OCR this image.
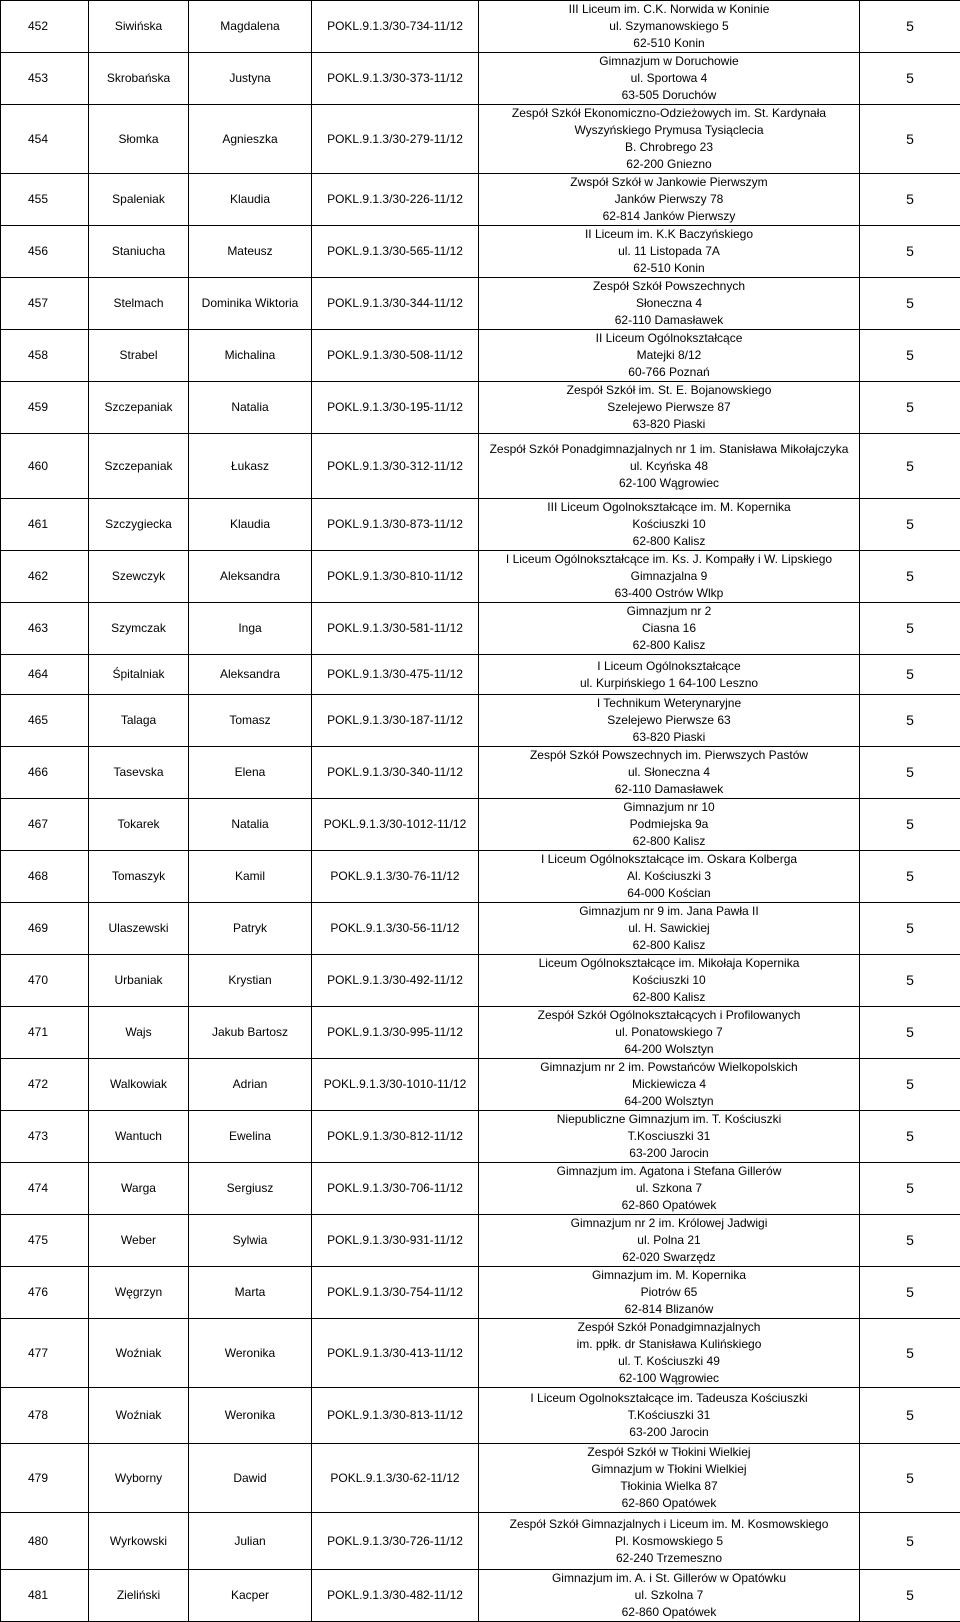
452	Siwińska	Magdalena	POKL.9.1.3/30-734-11/12	III Liceum im. C.K. Norwida w Koninie
ul. Szymanowskiego 5
62-510 Konin	5
453	Skrobańska	Justyna	POKL.9.1.3/30-373-11/12	Gimnazjum w Doruchowie
ul. Sportowa 4
63-505 Doruchów	5
454	Słomka	Agnieszka	POKL.9.1.3/30-279-11/12	Zespół Szkół Ekonomiczno-Odzieżowych im. St. Kardynała
Wyszyńskiego Prymusa Tysiąclecia
B. Chrobrego 23
62-200 Gniezno	5
455	Spaleniak	Klaudia	POKL.9.1.3/30-226-11/12	Zwspół Szkół w Jankowie Pierwszym
Janków Pierwszy 78
62-814 Janków Pierwszy	5
456	Staniucha	Mateusz	POKL.9.1.3/30-565-11/12	II Liceum im. K.K Baczyńskiego
ul. 11 Listopada 7A
62-510 Konin	5
457	Stelmach	Dominika Wiktoria	POKL.9.1.3/30-344-11/12	Zespół Szkół Powszechnych
Słoneczna 4
62-110 Damasławek	5
458	Strabel	Michalina	POKL.9.1.3/30-508-11/12	II Liceum Ogólnokształcące
Matejki 8/12
60-766 Poznań	5
459	Szczepaniak	Natalia	POKL.9.1.3/30-195-11/12	Zespół Szkół im. St. E. Bojanowskiego
Szelejewo Pierwsze 87
63-820 Piaski	5
460	Szczepaniak	Łukasz	POKL.9.1.3/30-312-11/12	Zespół Szkół Ponadgimnazjalnych nr 1 im. Stanisława Mikołajczyka
ul. Kcyńska 48
62-100 Wągrowiec	5
461	Szczygiecka	Klaudia	POKL.9.1.3/30-873-11/12	III Liceum Ogolnokształcące im. M. Kopernika
Kościuszki 10
62-800 Kalisz	5
462	Szewczyk	Aleksandra	POKL.9.1.3/30-810-11/12	I Liceum Ogólnokształcące im. Ks. J. Kompałły i W. Lipskiego
Gimnazjalna 9
63-400 Ostrów Wlkp	5
463	Szymczak	Inga	POKL.9.1.3/30-581-11/12	Gimnazjum nr 2
Ciasna 16
62-800 Kalisz	5
464	Śpitalniak	Aleksandra	POKL.9.1.3/30-475-11/12	I Liceum Ogólnokształcące
ul. Kurpińskiego 1 64-100 Leszno	5
465	Talaga	Tomasz	POKL.9.1.3/30-187-11/12	I Technikum Weterynaryjne
Szelejewo Pierwsze 63
63-820 Piaski	5
466	Tasevska	Elena	POKL.9.1.3/30-340-11/12	Zespół Szkół Powszechnych im. Pierwszych Pastów
ul. Słoneczna 4
62-110 Damasławek	5
467	Tokarek	Natalia	POKL.9.1.3/30-1012-11/12	Gimnazjum nr 10
Podmiejska 9a
62-800 Kalisz	5
468	Tomaszyk	Kamil	POKL.9.1.3/30-76-11/12	I Liceum Ogólnokształcące im. Oskara Kolberga
Al. Kościuszki 3
64-000 Kościan	5
469	Ulaszewski	Patryk	POKL.9.1.3/30-56-11/12	Gimnazjum nr 9 im. Jana Pawła II
ul. H. Sawickiej
62-800 Kalisz	5
470	Urbaniak	Krystian	POKL.9.1.3/30-492-11/12	Liceum Ogólnokształcące im. Mikołaja Kopernika
Kościuszki 10
62-800 Kalisz	5
471	Wajs	Jakub Bartosz	POKL.9.1.3/30-995-11/12	Zespół Szkół Ogólnokształcących i Profilowanych
ul. Ponatowskiego 7
64-200 Wolsztyn	5
472	Walkowiak	Adrian	POKL.9.1.3/30-1010-11/12	Gimnazjum nr 2 im. Powstańców Wielkopolskich
Mickiewicza 4
64-200 Wolsztyn	5
473	Wantuch	Ewelina	POKL.9.1.3/30-812-11/12	Niepubliczne Gimnazjum im. T. Kościuszki
T.Kosciuszki 31
63-200 Jarocin	5
474	Warga	Sergiusz	POKL.9.1.3/30-706-11/12	Gimnazjum im. Agatona i Stefana Gillerów
ul. Szkona 7
62-860 Opatówek	5
475	Weber	Sylwia	POKL.9.1.3/30-931-11/12	Gimnazjum nr 2 im. Królowej Jadwigi
ul. Polna 21
62-020 Swarzędz	5
476	Węgrzyn	Marta	POKL.9.1.3/30-754-11/12	Gimnazjum im. M. Kopernika
Piotrów 65
62-814 Blizanów	5
477	Woźniak	Weronika	POKL.9.1.3/30-413-11/12	Zespół Szkół Ponadgimnazjalnych
im. ppłk. dr Stanisława Kulińskiego
ul. T. Kościuszki 49
62-100 Wągrowiec	5
478	Woźniak	Weronika	POKL.9.1.3/30-813-11/12	I Liceum Ogolnokształcące im. Tadeusza Kościuszki
T.Kościuszki 31
63-200 Jarocin	5
479	Wyborny	Dawid	POKL.9.1.3/30-62-11/12	Zespół Szkół w Tłokini Wielkiej
Gimnazjum w Tłokini Wielkiej
Tłokinia Wielka 87
62-860 Opatówek	5
480	Wyrkowski	Julian	POKL.9.1.3/30-726-11/12	Zespół Szkół Gimnazjalnych i Liceum im. M. Kosmowskiego
Pl. Kosmowskiego 5
62-240 Trzemeszno	5
481	Zieliński	Kacper	POKL.9.1.3/30-482-11/12	Gimnazjum im. A. i St. Gillerów w Opatówku
ul. Szkolna 7
62-860 Opatówek	5
